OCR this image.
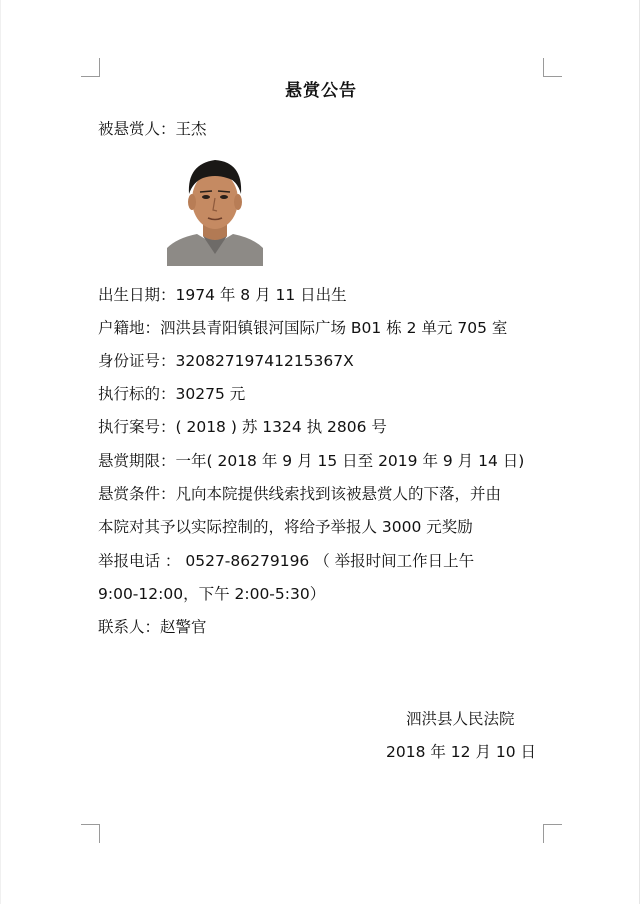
悬赏公告
被悬赏人：王杰
出生日期：1974 年 8 月 11 日出生
户籍地：泗洪县青阳镇银河国际广场 B01 栋 2 单元 705 室
身份证号：32082719741215367X
执行标的：30275 元
执行案号：( 2018 ) 苏 1324 执 2806 号
悬赏期限：一年( 2018 年 9 月 15 日至 2019 年 9 月 14 日)
悬赏条件：凡向本院提供线索找到该被悬赏人的下落，并由
本院对其予以实际控制的，将给予举报人 3000 元奖励
举报电话 ： 0527-86279196 （ 举报时间工作日上午
9:00-12:00，下午 2:00-5:30）
联系人：赵警官
泗洪县人民法院
2018 年 12 月 10 日
